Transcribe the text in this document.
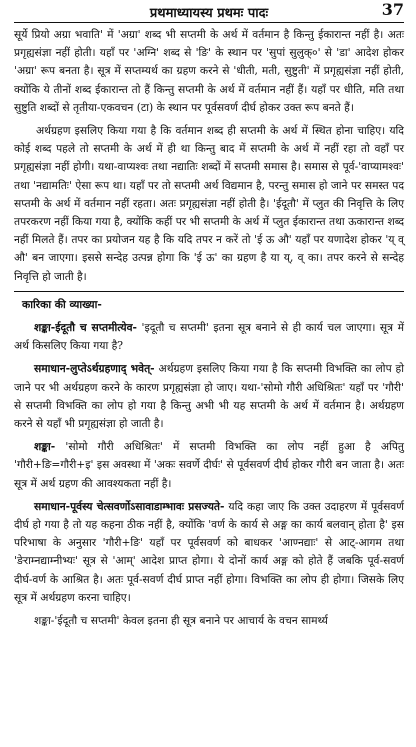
प्रथमाध्यायस्य प्रथमः पादः	37

सूर्ये प्रियो अग्रा भवाति' में 'अग्रा' शब्द भी सप्तमी के अर्थ में वर्तमान है किन्तु ईकारान्त नहीं है। अतः प्रगृह्यसंज्ञा नहीं होती। यहाँ पर 'अग्नि' शब्द से 'ङि' के स्थान पर 'सुपां सुलुक्०' से 'डा' आदेश होकर 'अग्रा' रूप बनता है। सूत्र में सप्तम्यर्थ का ग्रहण करने से 'धीती, मती, सुष्टुती' में प्रगृह्यसंज्ञा नहीं होती, क्योंकि ये तीनों शब्द ईकारान्त तो हैं किन्तु सप्तमी के अर्थ में वर्तमान नहीं हैं। यहाँ पर धीति, मति तथा सुष्टुति शब्दों से तृतीया-एकवचन (टा) के स्थान पर पूर्वसवर्ण दीर्घ होकर उक्त रूप बनते हैं।

अर्थग्रहण इसलिए किया गया है कि वर्तमान शब्द ही सप्तमी के अर्थ में स्थित होना चाहिए। यदि कोई शब्द पहले तो सप्तमी के अर्थ में ही था किन्तु बाद में सप्तमी के अर्थ में नहीं रहा तो वहाँ पर प्रगृह्यसंज्ञा नहीं होगी। यथा-वाप्यश्वः तथा नद्यातिः शब्दों में सप्तमी समास है। समास से पूर्व-'वाप्यामश्वः' तथा 'नद्यामतिः' ऐसा रूप था। यहाँ पर तो सप्तमी अर्थ विद्यमान है, परन्तु समास हो जाने पर समस्त पद सप्तमी के अर्थ में वर्तमान नहीं रहता। अतः प्रगृह्यसंज्ञा नहीं होती है। 'ईदूतौ' में प्लुत की निवृत्ति के लिए तपरकरण नहीं किया गया है, क्योंकि कहीं पर भी सप्तमी के अर्थ में प्लुत ईकारान्त तथा ऊकारान्त शब्द नहीं मिलते हैं। तपर का प्रयोजन यह है कि यदि तपर न करें तो 'ई ऊ औ' यहाँ पर यणादेश होकर 'य् व् औ' बन जाएगा। इससे सन्देह उत्पन्न होगा कि 'ई ऊ' का ग्रहण है या य्, व् का। तपर करने से सन्देह निवृत्ति हो जाती है।

कारिका की व्याख्या-

शङ्का-ईदूतौ च सप्तमीत्येव- 'इदूतौ च सप्तमी' इतना सूत्र बनाने से ही कार्य चल जाएगा। सूत्र में अर्थ किसलिए किया गया है?

समाधान-लुप्तेऽर्थग्रहणाद् भवेत्- अर्थग्रहण इसलिए किया गया है कि सप्तमी विभक्ति का लोप हो जाने पर भी अर्थग्रहण करने के कारण प्रगृह्यसंज्ञा हो जाए। यथा-'सोमो गौरी अधिश्रितः' यहाँ पर 'गौरी' से सप्तमी विभक्ति का लोप हो गया है किन्तु अभी भी यह सप्तमी के अर्थ में वर्तमान है। अर्थग्रहण करने से यहाँ भी प्रगृह्यसंज्ञा हो जाती है।

शङ्का- 'सोमो गौरी अधिश्रितः' में सप्तमी विभक्ति का लोप नहीं हुआ है अपितु 'गौरी+ङि=गौरी+इ' इस अवस्था में 'अकः सवर्णे दीर्घः' से पूर्वसवर्ण दीर्घ होकर गौरी बन जाता है। अतः सूत्र में अर्थ ग्रहण की आवश्यकता नहीं है।

समाधान-पूर्वस्य चेत्सवर्णोऽसावाडाम्भावः प्रसज्यते- यदि कहा जाए कि उक्त उदाहरण में पूर्वसवर्ण दीर्घ हो गया है तो यह कहना ठीक नहीं है, क्योंकि 'वर्ण के कार्य से अङ्ग का कार्य बलवान् होता है' इस परिभाषा के अनुसार 'गौरी+ङि' यहाँ पर पूर्वसवर्ण को बाधकर 'आण्नद्याः' से आट्-आगम तथा 'ङेराम्नद्याम्नीभ्यः' सूत्र से 'आम्' आदेश प्राप्त होगा। ये दोनों कार्य अङ्ग को होते हैं जबकि पूर्व-सवर्ण दीर्घ-वर्ण के आश्रित है। अतः पूर्व-सवर्ण दीर्घ प्राप्त नहीं होगा। विभक्ति का लोप ही होगा। जिसके लिए सूत्र में अर्थग्रहण करना चाहिए।

शङ्का-'ईदूतौ च सप्तमी' केवल इतना ही सूत्र बनाने पर आचार्य के वचन सामर्थ्य
